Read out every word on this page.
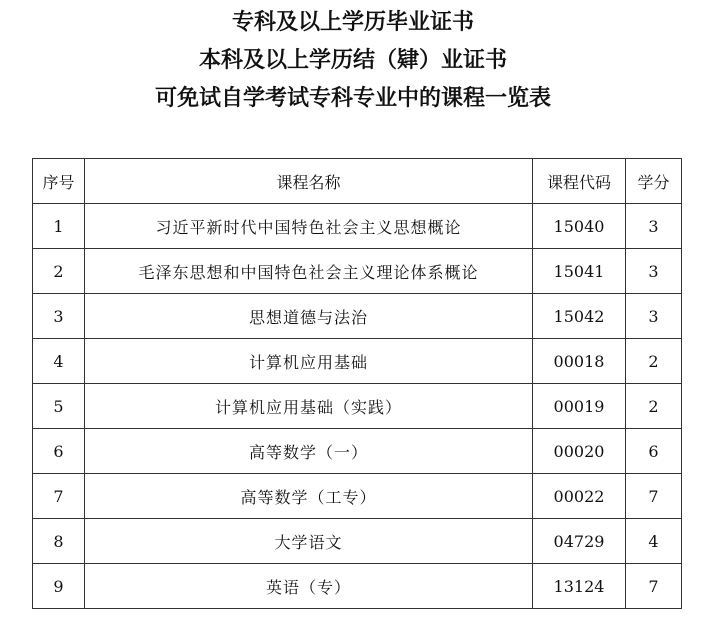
专科及以上学历毕业证书
本科及以上学历结（肄）业证书
可免试自学考试专科专业中的课程一览表
序号	课程名称	课程代码	学分
1	习近平新时代中国特色社会主义思想概论	15040	3
2	毛泽东思想和中国特色社会主义理论体系概论	15041	3
3	思想道德与法治	15042	3
4	计算机应用基础	00018	2
5	计算机应用基础（实践）	00019	2
6	高等数学（一）	00020	6
7	高等数学（工专）	00022	7
8	大学语文	04729	4
9	英语（专）	13124	7
